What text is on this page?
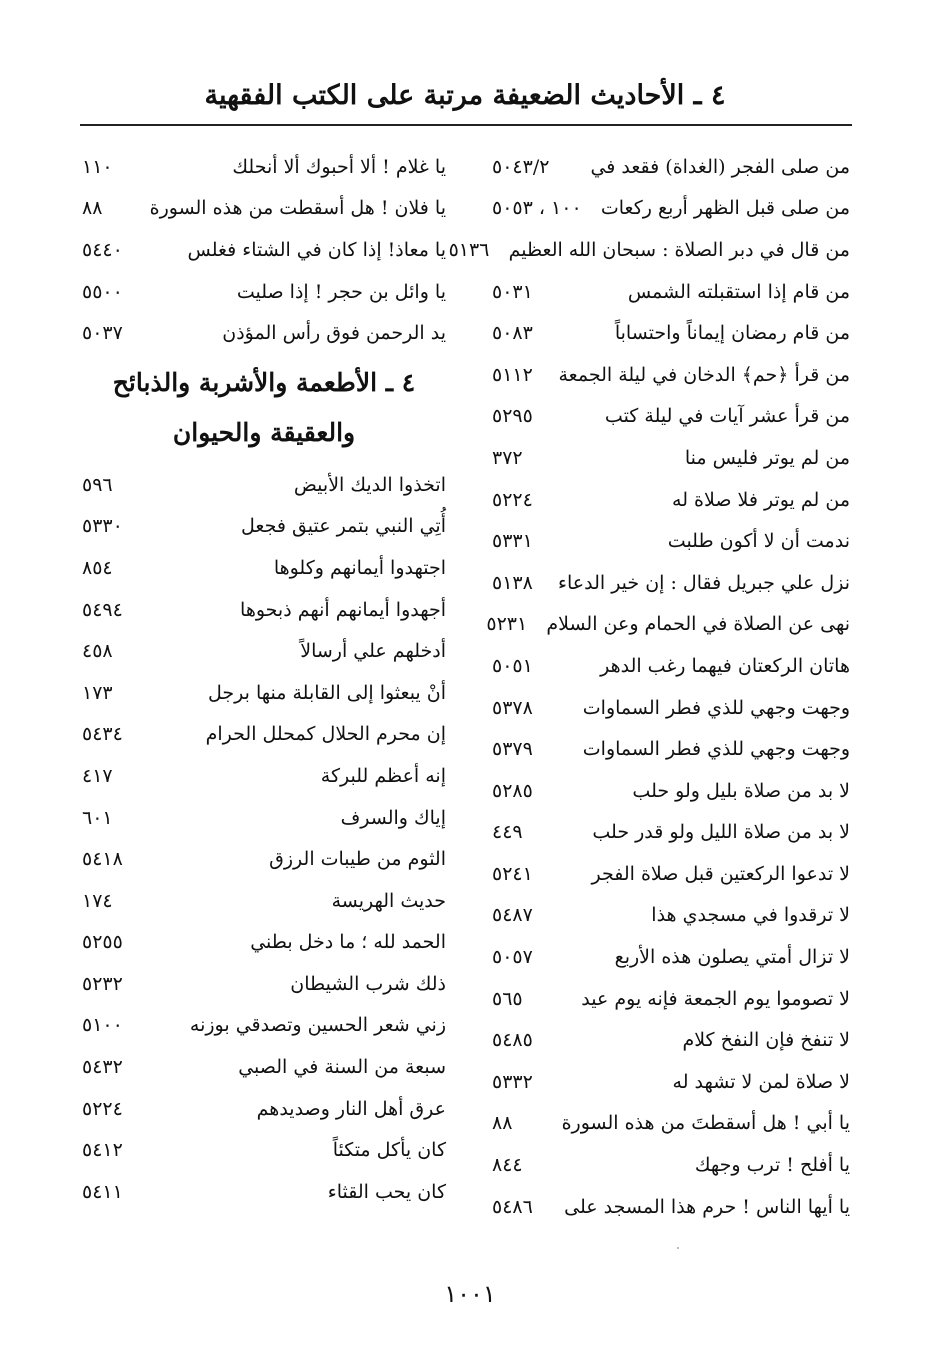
٤ ـ الأحاديث الضعيفة مرتبة على الكتب الفقهية
من صلى الفجر (الغداة) فقعد في
٥٠٤٣/٢
من صلى قبل الظهر أربع ركعات
١٠٠ ، ٥٠٥٣
من قال في دبر الصلاة : سبحان الله العظيم
٥١٣٦
من قام إذا استقبلته الشمس
٥٠٣١
من قام رمضان إيماناً واحتساباً
٥٠٨٣
من قرأ ﴿حم﴾ الدخان في ليلة الجمعة
٥١١٢
من قرأ عشر آيات في ليلة كتب
٥٢٩٥
من لم يوتر فليس منا
٣٧٢
من لم يوتر فلا صلاة له
٥٢٢٤
ندمت أن لا أكون طلبت
٥٣٣١
نزل علي جبريل فقال : إن خير الدعاء
٥١٣٨
نهى عن الصلاة في الحمام وعن السلام
٥٢٣١
هاتان الركعتان فيهما رغب الدهر
٥٠٥١
وجهت وجهي للذي فطر السماوات
٥٣٧٨
وجهت وجهي للذي فطر السماوات
٥٣٧٩
لا بد من صلاة بليل ولو حلب
٥٢٨٥
لا بد من صلاة الليل ولو قدر حلب
٤٤٩
لا تدعوا الركعتين قبل صلاة الفجر
٥٢٤١
لا ترقدوا في مسجدي هذا
٥٤٨٧
لا تزال أمتي يصلون هذه الأربع
٥٠٥٧
لا تصوموا يوم الجمعة فإنه يوم عيد
٥٦٥
لا تنفخ فإن النفخ كلام
٥٤٨٥
لا صلاة لمن لا تشهد له
٥٣٣٢
يا أبي ! هل أسقطتَ من هذه السورة
٨٨
يا أفلح ! ترب وجهك
٨٤٤
يا أيها الناس ! حرم هذا المسجد على
٥٤٨٦
يا غلام ! ألا أحبوك ألا أنحلك
١١٠
يا فلان ! هل أسقطت من هذه السورة
٨٨
يا معاذ! إذا كان في الشتاء فغلس
٥٤٤٠
يا وائل بن حجر ! إذا صليت
٥٥٠٠
يد الرحمن فوق رأس المؤذن
٥٠٣٧
٤ ـ الأطعمة والأشربة والذبائح
والعقيقة والحيوان
اتخذوا الديك الأبيض
٥٩٦
أُتِي النبي بتمر عتيق فجعل
٥٣٣٠
اجتهدوا أيمانهم وكلوها
٨٥٤
أجهدوا أيمانهم أنهم ذبحوها
٥٤٩٤
أدخلهم علي أرسالاً
٤٥٨
أنْ يبعثوا إلى القابلة منها برجل
١٧٣
إن محرم الحلال كمحلل الحرام
٥٤٣٤
إنه أعظم للبركة
٤١٧
إياك والسرف
٦٠١
الثوم من طيبات الرزق
٥٤١٨
حديث الهريسة
١٧٤
الحمد لله ؛ ما دخل بطني
٥٢٥٥
ذلك شرب الشيطان
٥٢٣٢
زني شعر الحسين وتصدقي بوزنه
٥١٠٠
سبعة من السنة في الصبي
٥٤٣٢
عرق أهل النار وصديدهم
٥٢٢٤
كان يأكل متكئاً
٥٤١٢
كان يحب القثاء
٥٤١١
١٠٠١
